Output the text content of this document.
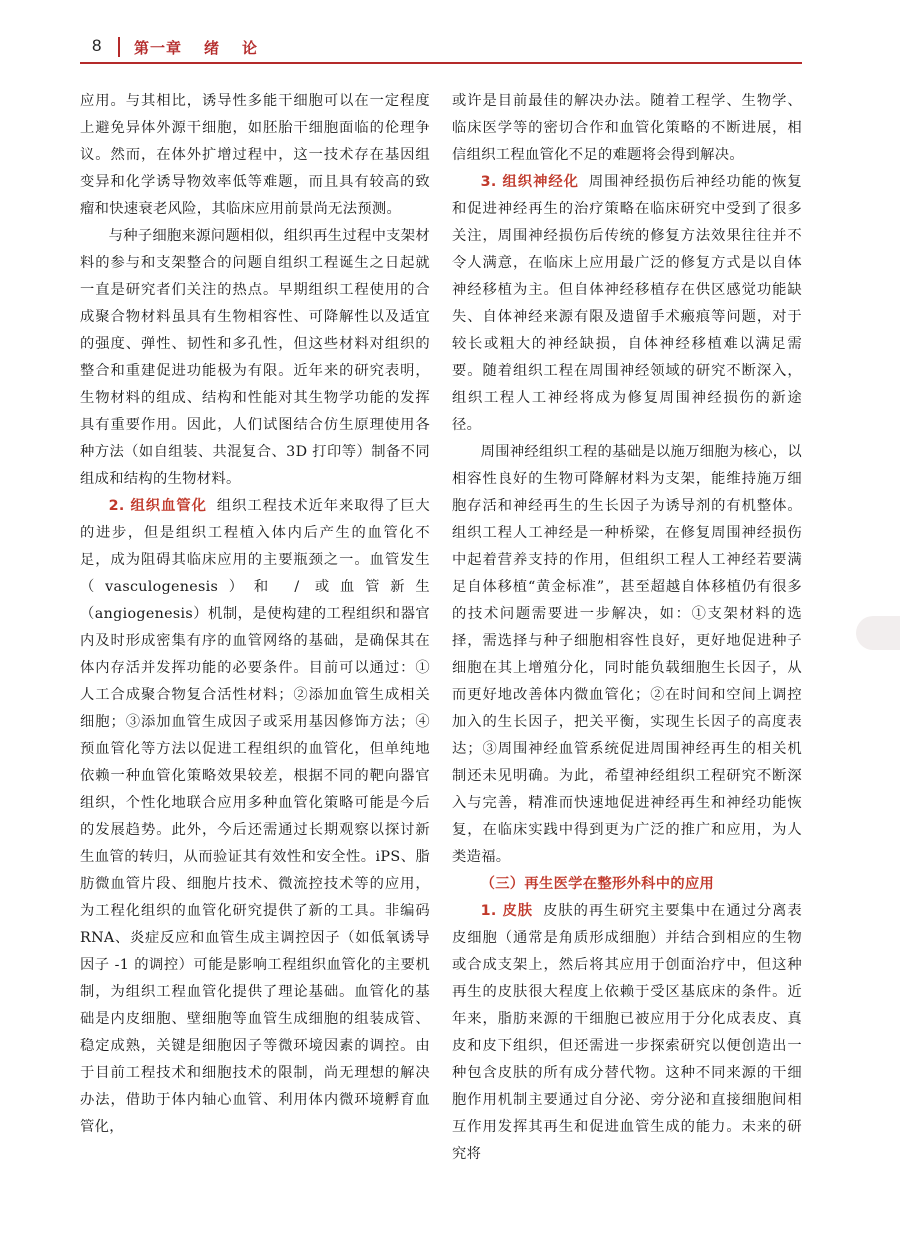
8 第一章 绪 论

应用。与其相比，诱导性多能干细胞可以在一定程度上避免异体外源干细胞，如胚胎干细胞面临的伦理争议。然而，在体外扩增过程中，这一技术存在基因组变异和化学诱导物效率低等难题，而且具有较高的致瘤和快速衰老风险，其临床应用前景尚无法预测。

与种子细胞来源问题相似，组织再生过程中支架材料的参与和支架整合的问题自组织工程诞生之日起就一直是研究者们关注的热点。早期组织工程使用的合成聚合物材料虽具有生物相容性、可降解性以及适宜的强度、弹性、韧性和多孔性，但这些材料对组织的整合和重建促进功能极为有限。近年来的研究表明，生物材料的组成、结构和性能对其生物学功能的发挥具有重要作用。因此，人们试图结合仿生原理使用各种方法（如自组装、共混复合、3D 打印等）制备不同组成和结构的生物材料。

2. 组织血管化 组织工程技术近年来取得了巨大的进步，但是组织工程植入体内后产生的血管化不足，成为阻碍其临床应用的主要瓶颈之一。血管发生（vasculogenesis）和 / 或血管新生（angiogenesis）机制，是使构建的工程组织和器官内及时形成密集有序的血管网络的基础，是确保其在体内存活并发挥功能的必要条件。目前可以通过：①人工合成聚合物复合活性材料；②添加血管生成相关细胞；③添加血管生成因子或采用基因修饰方法；④预血管化等方法以促进工程组织的血管化，但单纯地依赖一种血管化策略效果较差，根据不同的靶向器官组织，个性化地联合应用多种血管化策略可能是今后的发展趋势。此外，今后还需通过长期观察以探讨新生血管的转归，从而验证其有效性和安全性。iPS、脂肪微血管片段、细胞片技术、微流控技术等的应用，为工程化组织的血管化研究提供了新的工具。非编码 RNA、炎症反应和血管生成主调控因子（如低氧诱导因子 -1 的调控）可能是影响工程组织血管化的主要机制，为组织工程血管化提供了理论基础。血管化的基础是内皮细胞、壁细胞等血管生成细胞的组装成管、稳定成熟，关键是细胞因子等微环境因素的调控。由于目前工程技术和细胞技术的限制，尚无理想的解决办法，借助于体内轴心血管、利用体内微环境孵育血管化，

或许是目前最佳的解决办法。随着工程学、生物学、临床医学等的密切合作和血管化策略的不断进展，相信组织工程血管化不足的难题将会得到解决。

3. 组织神经化 周围神经损伤后神经功能的恢复和促进神经再生的治疗策略在临床研究中受到了很多关注，周围神经损伤后传统的修复方法效果往往并不令人满意，在临床上应用最广泛的修复方式是以自体神经移植为主。但自体神经移植存在供区感觉功能缺失、自体神经来源有限及遗留手术瘢痕等问题，对于较长或粗大的神经缺损，自体神经移植难以满足需要。随着组织工程在周围神经领域的研究不断深入，组织工程人工神经将成为修复周围神经损伤的新途径。

周围神经组织工程的基础是以施万细胞为核心，以相容性良好的生物可降解材料为支架，能维持施万细胞存活和神经再生的生长因子为诱导剂的有机整体。组织工程人工神经是一种桥梁，在修复周围神经损伤中起着营养支持的作用，但组织工程人工神经若要满足自体移植“黄金标准”，甚至超越自体移植仍有很多的技术问题需要进一步解决，如：①支架材料的选择，需选择与种子细胞相容性良好，更好地促进种子细胞在其上增殖分化，同时能负载细胞生长因子，从而更好地改善体内微血管化；②在时间和空间上调控加入的生长因子，把关平衡，实现生长因子的高度表达；③周围神经血管系统促进周围神经再生的相关机制还未见明确。为此，希望神经组织工程研究不断深入与完善，精准而快速地促进神经再生和神经功能恢复，在临床实践中得到更为广泛的推广和应用，为人类造福。

（三）再生医学在整形外科中的应用

1. 皮肤 皮肤的再生研究主要集中在通过分离表皮细胞（通常是角质形成细胞）并结合到相应的生物或合成支架上，然后将其应用于创面治疗中，但这种再生的皮肤很大程度上依赖于受区基底床的条件。近年来，脂肪来源的干细胞已被应用于分化成表皮、真皮和皮下组织，但还需进一步探索研究以便创造出一种包含皮肤的所有成分替代物。这种不同来源的干细胞作用机制主要通过自分泌、旁分泌和直接细胞间相互作用发挥其再生和促进血管生成的能力。未来的研究将
